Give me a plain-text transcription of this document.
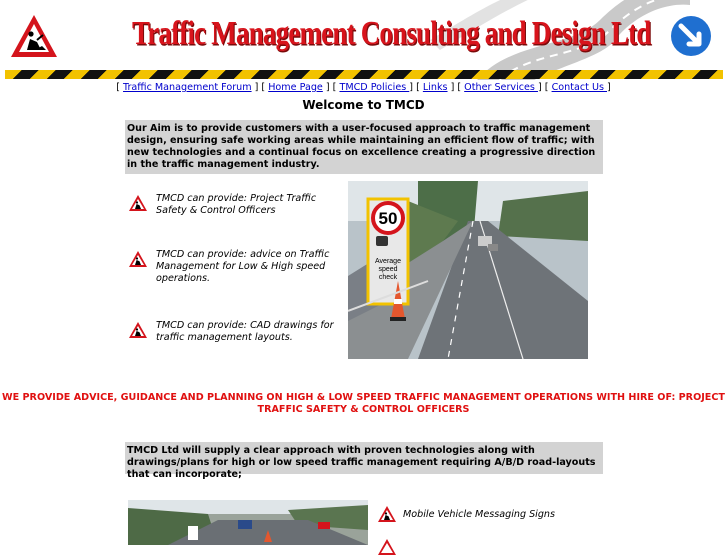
Traffic Management Consulting and Design Ltd
[ Traffic Management Forum ] [ Home Page ] [ TMCD Policies ] [ Links ] [ Other Services ] [ Contact Us ]
Welcome to TMCD
Our Aim is to provide customers with a user-focused approach to traffic management design, ensuring safe working areas while maintaining an efficient flow of traffic; with new technologies and a continual focus on excellence creating a progressive direction in the traffic management industry.
TMCD can provide: Project Traffic Safety & Control Officers
TMCD can provide: advice on Traffic Management for Low & High speed operations.
TMCD can provide: CAD drawings for traffic management layouts.
50
Average
speed
check
WE PROVIDE ADVICE, GUIDANCE AND PLANNING ON HIGH & LOW SPEED TRAFFIC MANAGEMENT OPERATIONS WITH HIRE OF: PROJECT TRAFFIC SAFETY & CONTROL OFFICERS
TMCD Ltd will supply a clear approach with proven technologies along with drawings/plans for high or low speed traffic management requiring A/B/D road-layouts that can incorporate;
Mobile Vehicle Messaging Signs
